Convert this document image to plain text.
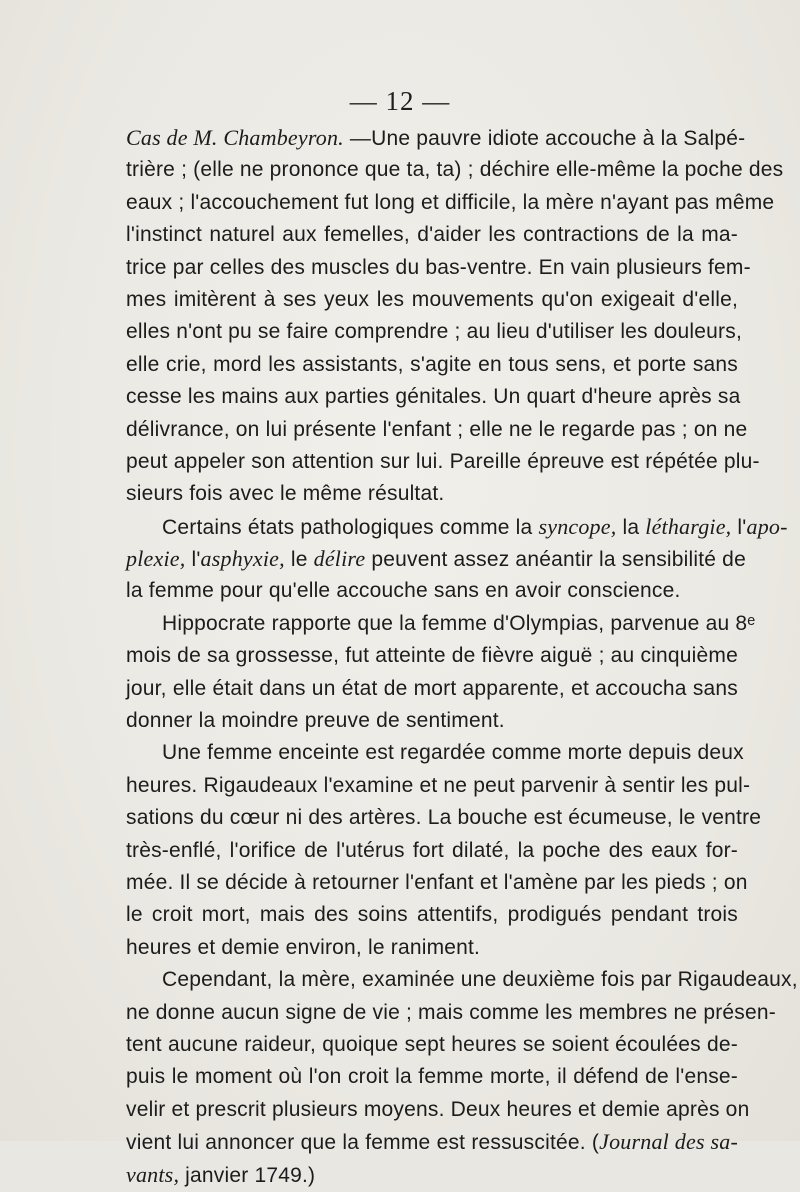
— 12 —
Cas de M. Chambeyron. —Une pauvre idiote accouche à la Salpé-
trière ; (elle ne prononce que ta, ta) ; déchire elle-même la poche des
eaux ; l'accouchement fut long et difficile, la mère n'ayant pas même
l'instinct naturel aux femelles, d'aider les contractions de la ma-
trice par celles des muscles du bas-ventre. En vain plusieurs fem-
mes imitèrent à ses yeux les mouvements qu'on exigeait d'elle,
elles n'ont pu se faire comprendre ; au lieu d'utiliser les douleurs,
elle crie, mord les assistants, s'agite en tous sens, et porte sans
cesse les mains aux parties génitales. Un quart d'heure après sa
délivrance, on lui présente l'enfant ; elle ne le regarde pas ; on ne
peut appeler son attention sur lui. Pareille épreuve est répétée plu-
sieurs fois avec le même résultat.
Certains états pathologiques comme la syncope, la léthargie, l'apo-
plexie, l'asphyxie, le délire peuvent assez anéantir la sensibilité de
la femme pour qu'elle accouche sans en avoir conscience.
Hippocrate rapporte que la femme d'Olympias, parvenue au 8ᵉ
mois de sa grossesse, fut atteinte de fièvre aiguë ; au cinquième
jour, elle était dans un état de mort apparente, et accoucha sans
donner la moindre preuve de sentiment.
Une femme enceinte est regardée comme morte depuis deux
heures. Rigaudeaux l'examine et ne peut parvenir à sentir les pul-
sations du cœur ni des artères. La bouche est écumeuse, le ventre
très-enflé, l'orifice de l'utérus fort dilaté, la poche des eaux for-
mée. Il se décide à retourner l'enfant et l'amène par les pieds ; on
le croit mort, mais des soins attentifs, prodigués pendant trois
heures et demie environ, le raniment.
Cependant, la mère, examinée une deuxième fois par Rigaudeaux,
ne donne aucun signe de vie ; mais comme les membres ne présen-
tent aucune raideur, quoique sept heures se soient écoulées de-
puis le moment où l'on croit la femme morte, il défend de l'ense-
velir et prescrit plusieurs moyens. Deux heures et demie après on
vient lui annoncer que la femme est ressuscitée. (Journal des sa-
vants, janvier 1749.)
